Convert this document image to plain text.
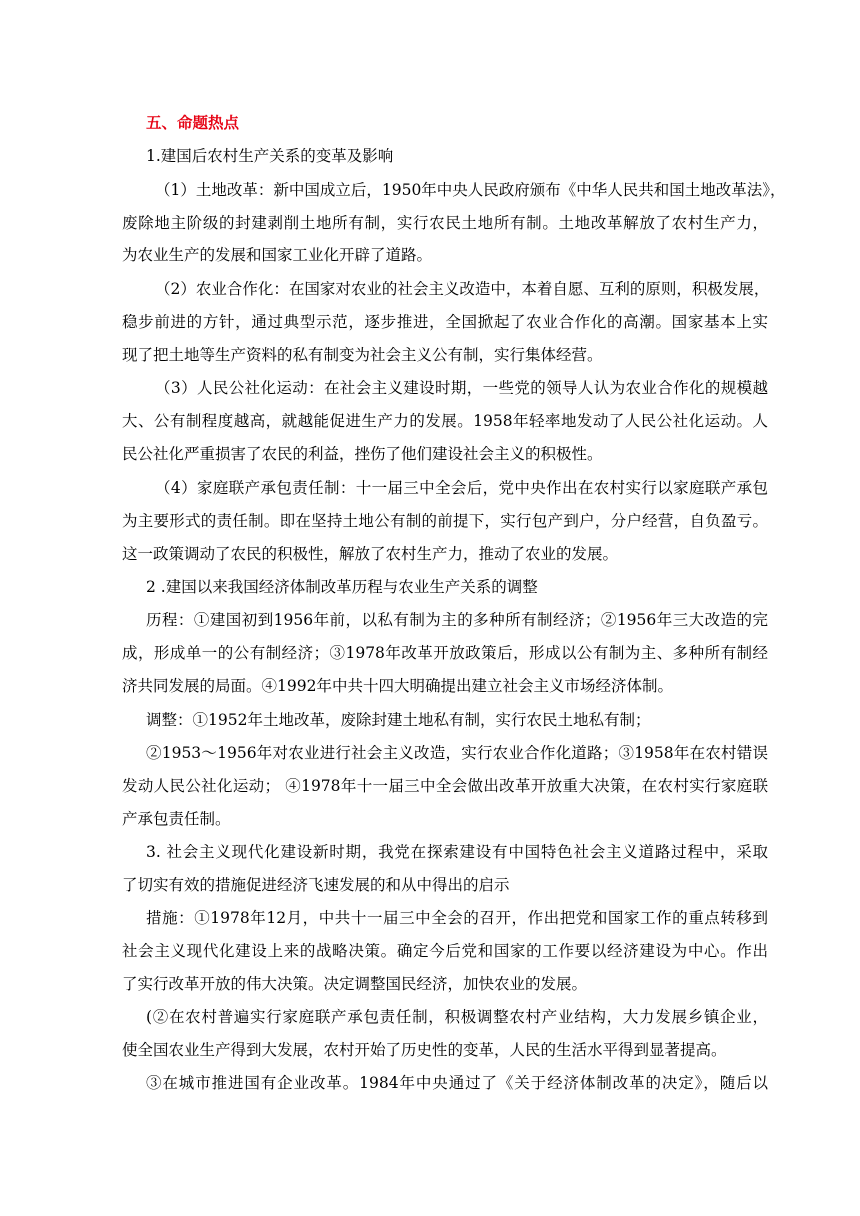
五、命题热点
1.建国后农村生产关系的变革及影响
（1）土地改革：新中国成立后，1950年中央人民政府颁布《中华人民共和国土地改革法》，
废除地主阶级的封建剥削土地所有制，实行农民土地所有制。土地改革解放了农村生产力，
为农业生产的发展和国家工业化开辟了道路。
（2）农业合作化：在国家对农业的社会主义改造中，本着自愿、互利的原则，积极发展，
稳步前进的方针，通过典型示范，逐步推进，全国掀起了农业合作化的高潮。国家基本上实
现了把土地等生产资料的私有制变为社会主义公有制，实行集体经营。
（3）人民公社化运动：在社会主义建设时期，一些党的领导人认为农业合作化的规模越
大、公有制程度越高，就越能促进生产力的发展。1958年轻率地发动了人民公社化运动。人
民公社化严重损害了农民的利益，挫伤了他们建设社会主义的积极性。
（4）家庭联产承包责任制：十一届三中全会后，党中央作出在农村实行以家庭联产承包
为主要形式的责任制。即在坚持土地公有制的前提下，实行包产到户，分户经营，自负盈亏。
这一政策调动了农民的积极性，解放了农村生产力，推动了农业的发展。
2 .建国以来我国经济体制改革历程与农业生产关系的调整
历程：①建国初到1956年前，以私有制为主的多种所有制经济；②1956年三大改造的完
成，形成单一的公有制经济；③1978年改革开放政策后，形成以公有制为主、多种所有制经
济共同发展的局面。④1992年中共十四大明确提出建立社会主义市场经济体制。
调整：①1952年土地改革，废除封建土地私有制，实行农民土地私有制；
②1953～1956年对农业进行社会主义改造，实行农业合作化道路；③1958年在农村错误
发动人民公社化运动； ④1978年十一届三中全会做出改革开放重大决策，在农村实行家庭联
产承包责任制。
3. 社会主义现代化建设新时期，我党在探索建设有中国特色社会主义道路过程中，采取
了切实有效的措施促进经济飞速发展的和从中得出的启示
措施：①1978年12月，中共十一届三中全会的召开，作出把党和国家工作的重点转移到
社会主义现代化建设上来的战略决策。确定今后党和国家的工作要以经济建设为中心。作出
了实行改革开放的伟大决策。决定调整国民经济，加快农业的发展。
(②在农村普遍实行家庭联产承包责任制，积极调整农村产业结构，大力发展乡镇企业，
使全国农业生产得到大发展，农村开始了历史性的变革，人民的生活水平得到显著提高。
③在城市推进国有企业改革。1984年中央通过了《关于经济体制改革的决定》，随后以
